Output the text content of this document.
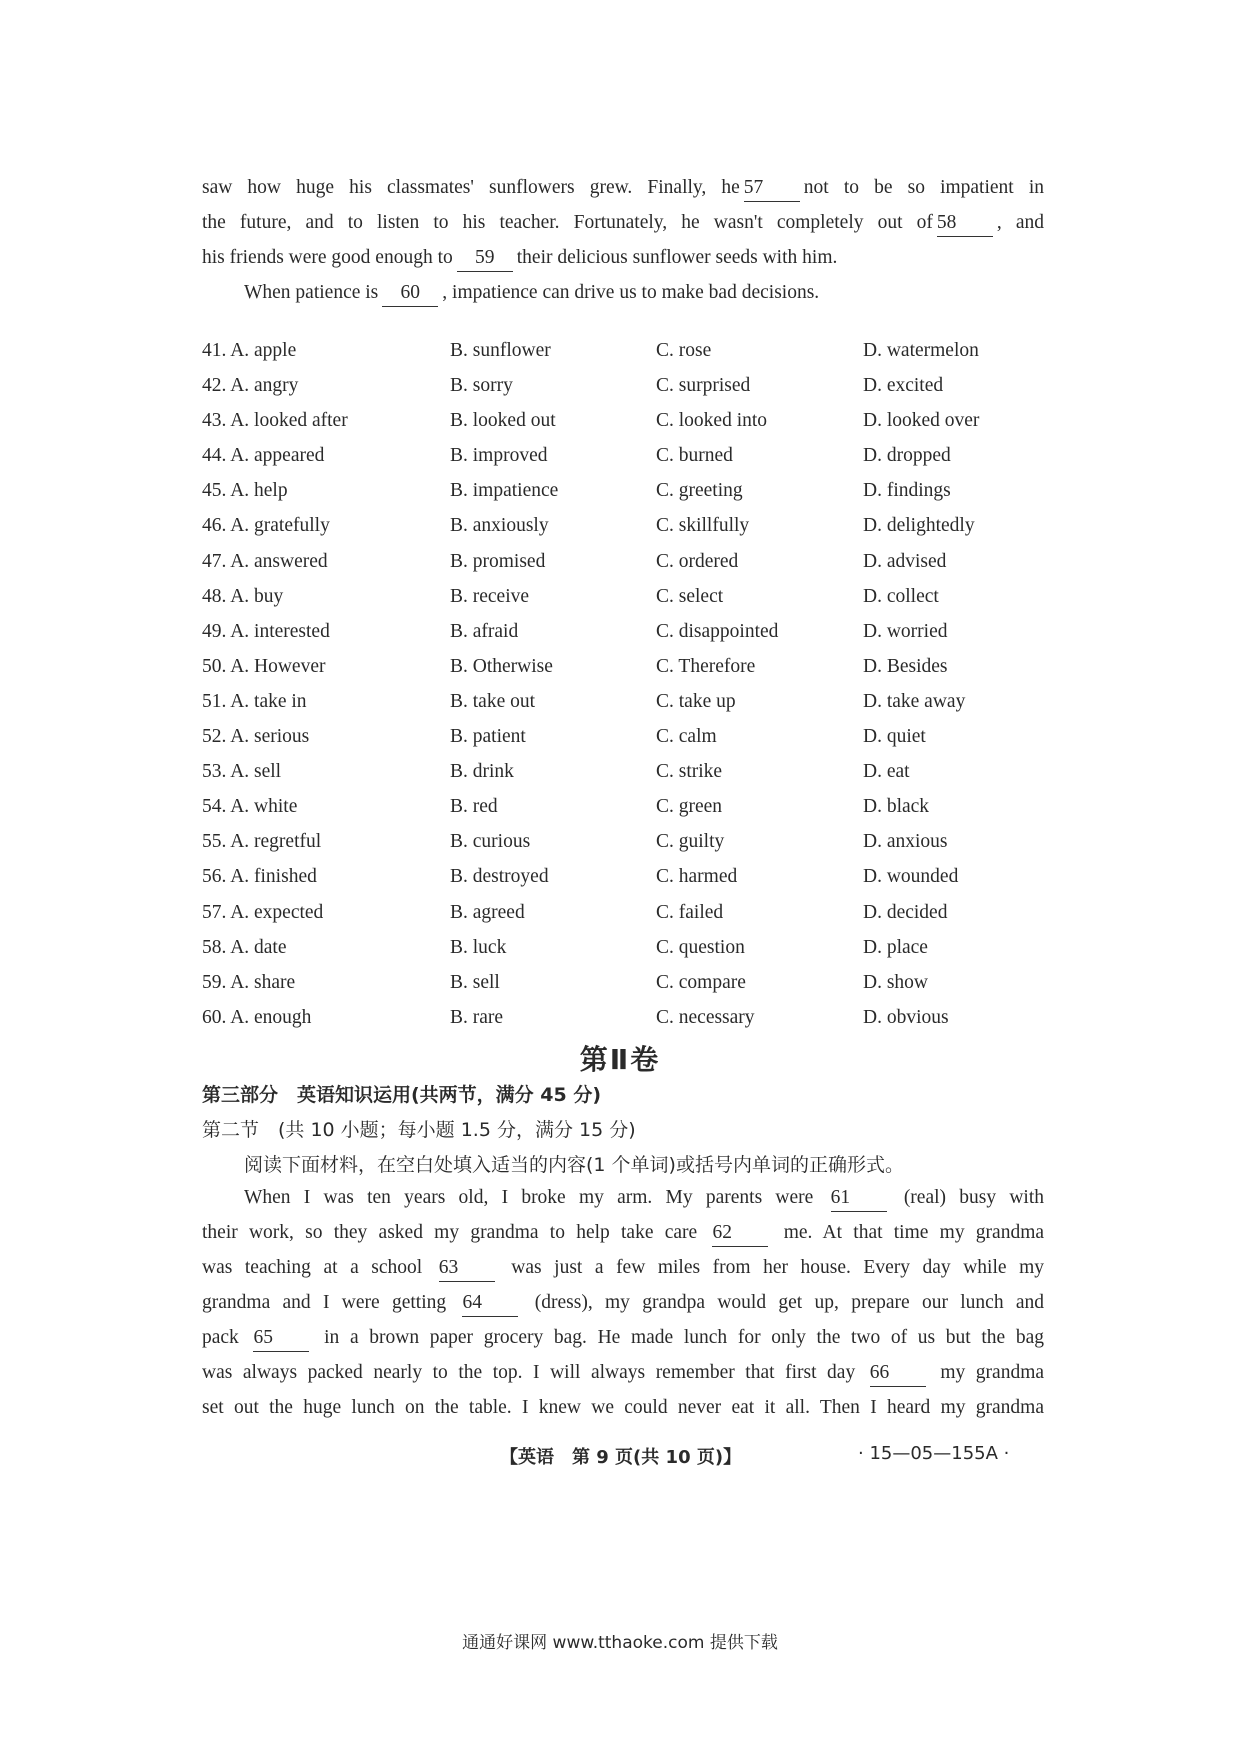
saw how huge his classmates' sunflowers grew. Finally, he 57 not to be so impatient in
the future, and to listen to his teacher. Fortunately, he wasn't completely out of 58 , and
his friends were good enough to 59 their delicious sunflower seeds with him.
When patience is 60 , impatience can drive us to make bad decisions.
41. A. apple	B. sunflower	C. rose	D. watermelon
42. A. angry	B. sorry	C. surprised	D. excited
43. A. looked after	B. looked out	C. looked into	D. looked over
44. A. appeared	B. improved	C. burned	D. dropped
45. A. help	B. impatience	C. greeting	D. findings
46. A. gratefully	B. anxiously	C. skillfully	D. delightedly
47. A. answered	B. promised	C. ordered	D. advised
48. A. buy	B. receive	C. select	D. collect
49. A. interested	B. afraid	C. disappointed	D. worried
50. A. However	B. Otherwise	C. Therefore	D. Besides
51. A. take in	B. take out	C. take up	D. take away
52. A. serious	B. patient	C. calm	D. quiet
53. A. sell	B. drink	C. strike	D. eat
54. A. white	B. red	C. green	D. black
55. A. regretful	B. curious	C. guilty	D. anxious
56. A. finished	B. destroyed	C. harmed	D. wounded
57. A. expected	B. agreed	C. failed	D. decided
58. A. date	B. luck	C. question	D. place
59. A. share	B. sell	C. compare	D. show
60. A. enough	B. rare	C. necessary	D. obvious
第Ⅱ卷
第三部分　英语知识运用(共两节，满分 45 分)
第二节　(共 10 小题；每小题 1.5 分，满分 15 分)
阅读下面材料，在空白处填入适当的内容(1 个单词)或括号内单词的正确形式。
When I was ten years old, I broke my arm. My parents were 61	(real) busy with
their work, so they asked my grandma to help take care 62	me. At that time my grandma
was teaching at a school 63	was just a few miles from her house. Every day while my
grandma and I were getting 64	(dress), my grandpa would get up, prepare our lunch and
pack 65	in a brown paper grocery bag. He made lunch for only the two of us but the bag
was always packed nearly to the top. I will always remember that first day 66	my grandma
set out the huge lunch on the table. I knew we could never eat it all. Then I heard my grandma
【英语　第 9 页(共 10 页)】	· 15—05—155A ·
通通好课网 www.tthaoke.com 提供下载
